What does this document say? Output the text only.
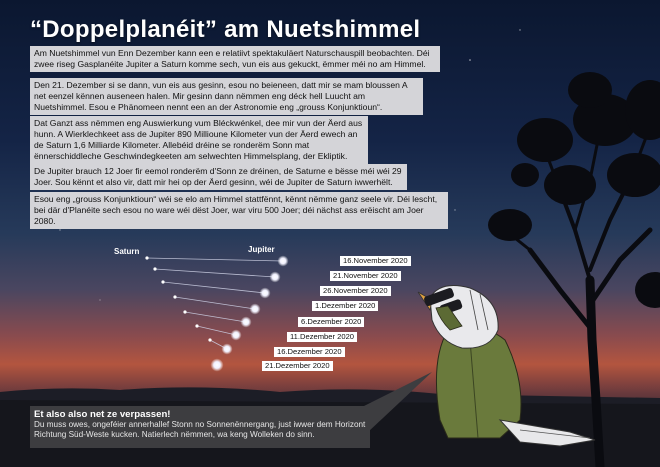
“Doppelplanéit” am Nuetshimmel
Am Nuetshimmel vun Enn Dezember kann een e relatiivt spektakuläert Naturschauspill beobachten. Déi zwee riseg Gasplanéite Jupiter a Saturn komme sech, vun eis aus gekuckt, ëmmer méi no am Himmel.
Den 21. Dezember si se dann, vun eis aus gesinn, esou no beieneen, datt mir se mam bloussen A net eenzel kënnen auseneen halen. Mir gesinn dann nëmmen eng déck hell Luucht am Nuetshimmel. Esou e Phänomeen nennt een an der Astronomie eng „grouss Konjunktioun“.
Dat Ganzt ass nëmmen eng Auswierkung vum Bléckwénkel, dee mir vun der Äerd aus hunn. A Wierklechkeet ass de Jupiter 890 Millioune Kilometer vun der Äerd ewech an de Saturn 1,6 Milliarde Kilometer. Allebéid dréine se ronderëm Sonn mat ënnerschiddleche Geschwindegkeeten am selwechten Himmelsplang, der Ekliptik.
De Jupiter brauch 12 Joer fir eemol ronderëm d'Sonn ze dréinen, de Saturne e bësse méi wéi 29 Joer. Sou kënnt et also vir, datt mir hei op der Äerd gesinn, wéi de Jupiter de Saturn iwwerhëlt.
Esou eng „grouss Konjunktioun“ wéi se elo am Himmel stattfënnt, kënnt nëmme ganz seele vir. Déi lescht, bei där d'Planéite sech esou no ware wéi dëst Joer, war viru 500 Joer; déi nächst ass erëischt am Joer 2080.
Saturn	Jupiter
16.November 2020
21.November 2020
26.November 2020
1.Dezember 2020
6.Dezember 2020
11.Dezember 2020
16.Dezember 2020
21.Dezember 2020
Et also also net ze verpassen!
Du muss owes, ongeféier annerhallef Stonn no Sonnenënnergang, just iwwer dem Horizont Richtung Süd-Weste kucken. Natierlech nëmmen, wa keng Wolleken do sinn.
